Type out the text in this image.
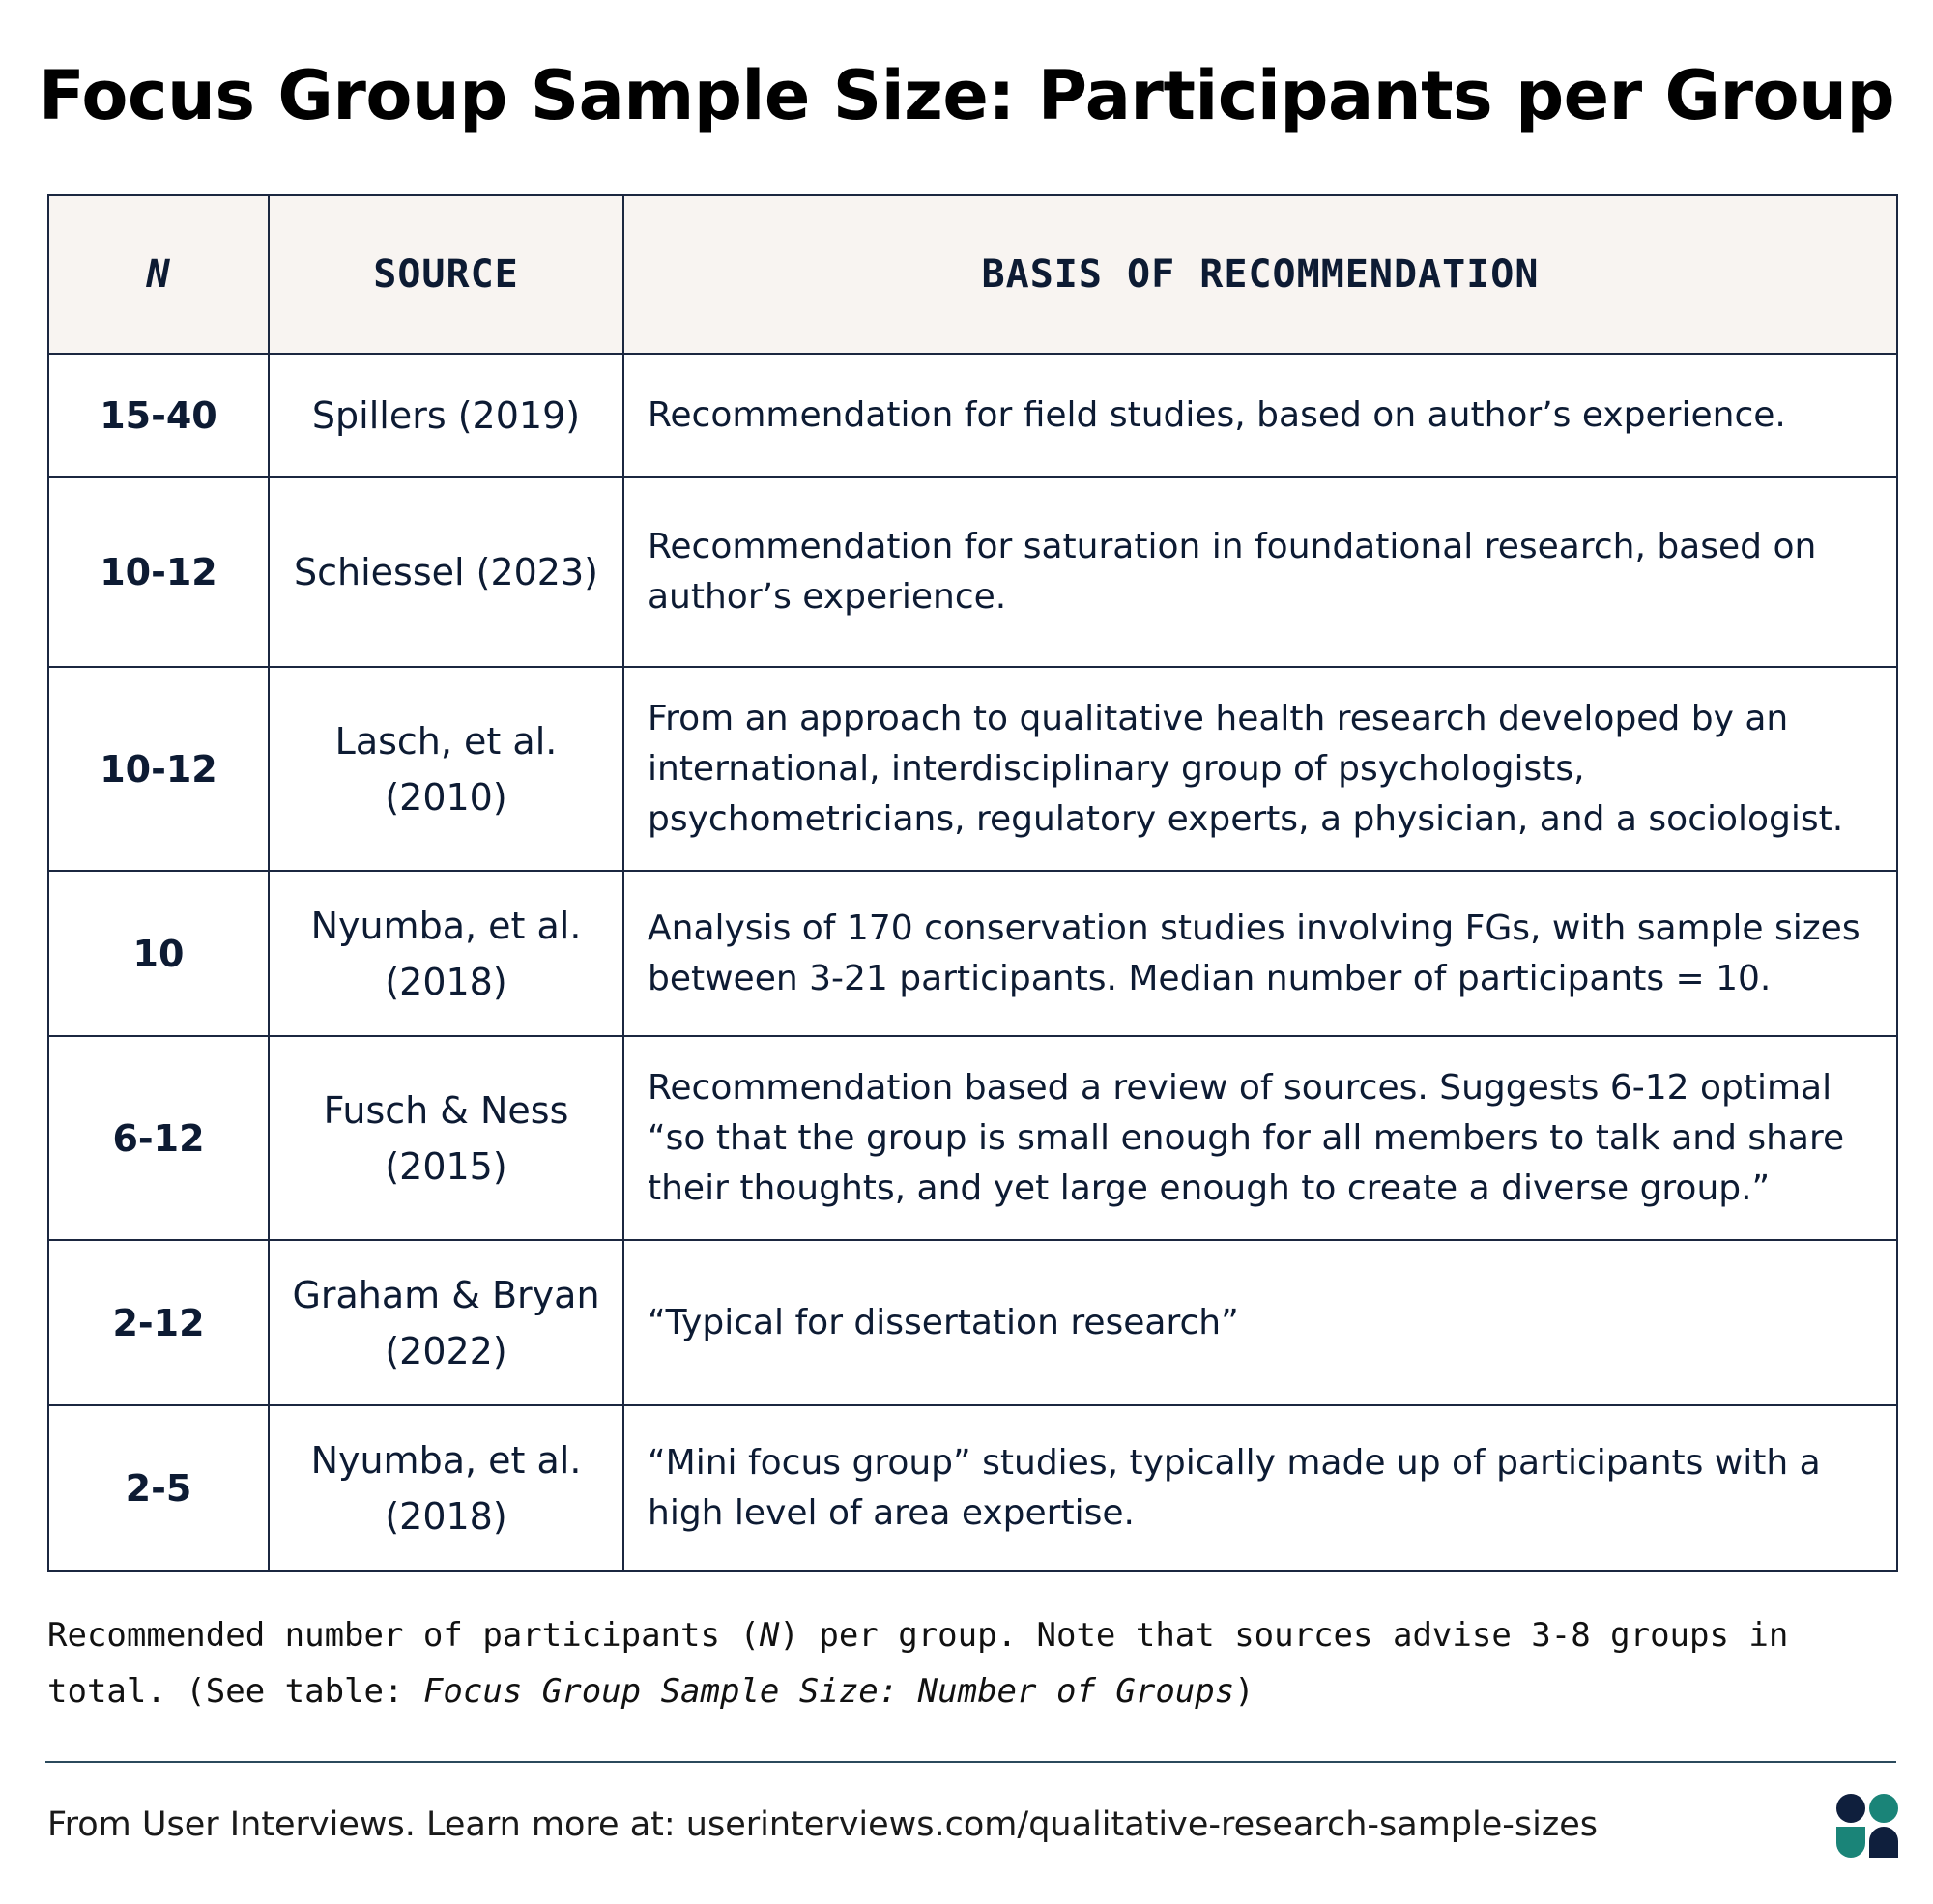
Focus Group Sample Size: Participants per Group
N	SOURCE	BASIS OF RECOMMENDATION
15-40	Spillers (2019)	Recommendation for field studies, based on author’s experience.
10-12	Schiessel (2023)	Recommendation for saturation in foundational research, based on author’s experience.
10-12	Lasch, et al. (2010)	From an approach to qualitative health research developed by an international, interdisciplinary group of psychologists, psychometricians, regulatory experts, a physician, and a sociologist.
10	Nyumba, et al. (2018)	Analysis of 170 conservation studies involving FGs, with sample sizes between 3-21 participants. Median number of participants = 10.
6-12	Fusch & Ness (2015)	Recommendation based a review of sources. Suggests 6-12 optimal “so that the group is small enough for all members to talk and share their thoughts, and yet large enough to create a diverse group.”
2-12	Graham & Bryan (2022)	“Typical for dissertation research”
2-5	Nyumba, et al. (2018)	“Mini focus group” studies, typically made up of participants with a high level of area expertise.
Recommended number of participants (N) per group. Note that sources advise 3-8 groups in total. (See table: Focus Group Sample Size: Number of Groups)
From User Interviews. Learn more at: userinterviews.com/qualitative-research-sample-sizes
